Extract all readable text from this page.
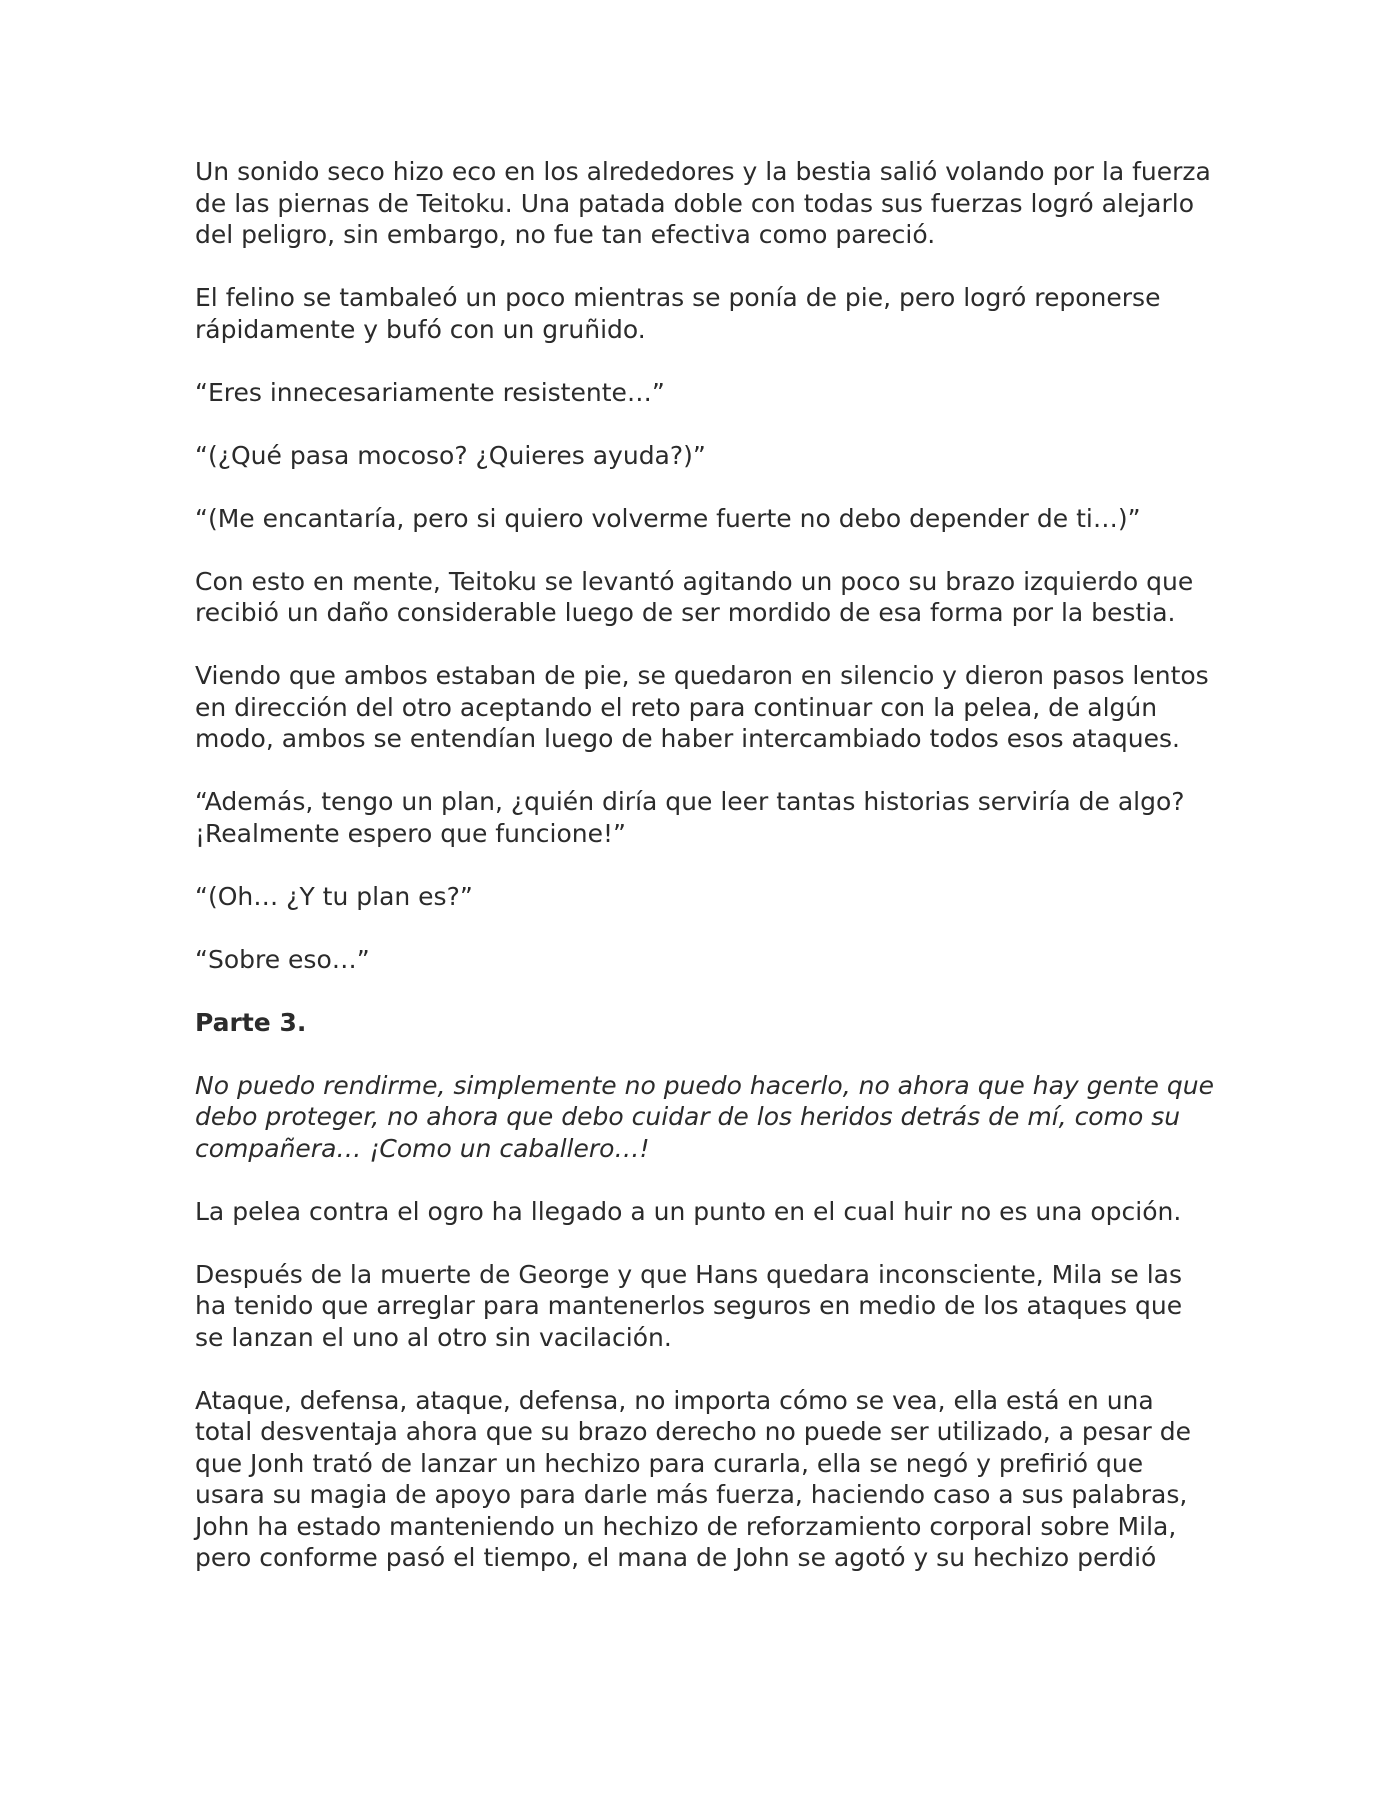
Un sonido seco hizo eco en los alrededores y la bestia salió volando por la fuerza de las piernas de Teitoku. Una patada doble con todas sus fuerzas logró alejarlo del peligro, sin embargo, no fue tan efectiva como pareció.

El felino se tambaleó un poco mientras se ponía de pie, pero logró reponerse rápidamente y bufó con un gruñido.

“Eres innecesariamente resistente…”

“(¿Qué pasa mocoso? ¿Quieres ayuda?)”

“(Me encantaría, pero si quiero volverme fuerte no debo depender de ti…)”

Con esto en mente, Teitoku se levantó agitando un poco su brazo izquierdo que recibió un daño considerable luego de ser mordido de esa forma por la bestia.

Viendo que ambos estaban de pie, se quedaron en silencio y dieron pasos lentos en dirección del otro aceptando el reto para continuar con la pelea, de algún modo, ambos se entendían luego de haber intercambiado todos esos ataques.

“Además, tengo un plan, ¿quién diría que leer tantas historias serviría de algo? ¡Realmente espero que funcione!”

“(Oh… ¿Y tu plan es?”

“Sobre eso…”

Parte 3.

No puedo rendirme, simplemente no puedo hacerlo, no ahora que hay gente que debo proteger, no ahora que debo cuidar de los heridos detrás de mí, como su compañera… ¡Como un caballero…!

La pelea contra el ogro ha llegado a un punto en el cual huir no es una opción.

Después de la muerte de George y que Hans quedara inconsciente, Mila se las ha tenido que arreglar para mantenerlos seguros en medio de los ataques que se lanzan el uno al otro sin vacilación.

Ataque, defensa, ataque, defensa, no importa cómo se vea, ella está en una total desventaja ahora que su brazo derecho no puede ser utilizado, a pesar de que Jonh trató de lanzar un hechizo para curarla, ella se negó y prefirió que usara su magia de apoyo para darle más fuerza, haciendo caso a sus palabras, John ha estado manteniendo un hechizo de reforzamiento corporal sobre Mila, pero conforme pasó el tiempo, el mana de John se agotó y su hechizo perdió
